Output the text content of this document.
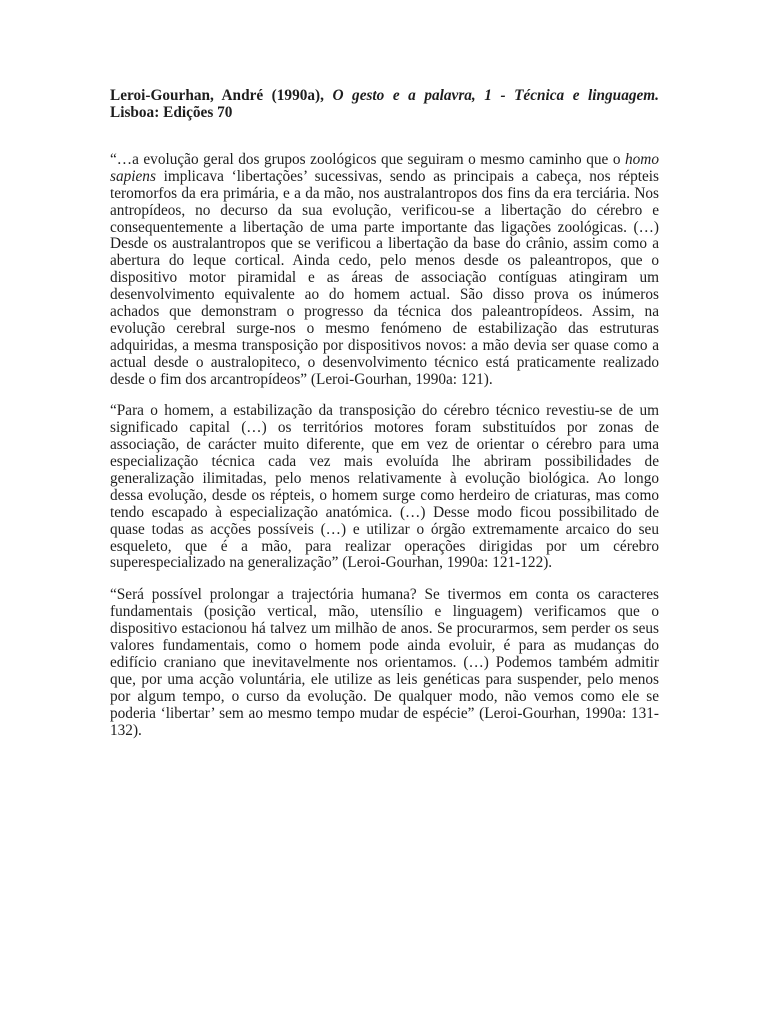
Leroi-Gourhan, André (1990a), O gesto e a palavra, 1 - Técnica e linguagem.
Lisboa: Edições 70
“…a evolução geral dos grupos zoológicos que seguiram o mesmo caminho que o homo
sapiens implicava ‘libertações’ sucessivas, sendo as principais a cabeça, nos répteis
teromorfos da era primária, e a da mão, nos australantropos dos fins da era terciária. Nos
antropídeos, no decurso da sua evolução, verificou-se a libertação do cérebro e
consequentemente a libertação de uma parte importante das ligações zoológicas. (…)
Desde os australantropos que se verificou a libertação da base do crânio, assim como a
abertura do leque cortical. Ainda cedo, pelo menos desde os paleantropos, que o
dispositivo motor piramidal e as áreas de associação contíguas atingiram um
desenvolvimento equivalente ao do homem actual. São disso prova os inúmeros
achados que demonstram o progresso da técnica dos paleantropídeos. Assim, na
evolução cerebral surge-nos o mesmo fenómeno de estabilização das estruturas
adquiridas, a mesma transposição por dispositivos novos: a mão devia ser quase como a
actual desde o australopiteco, o desenvolvimento técnico está praticamente realizado
desde o fim dos arcantropídeos” (Leroi-Gourhan, 1990a: 121).
“Para o homem, a estabilização da transposição do cérebro técnico revestiu-se de um
significado capital (…) os territórios motores foram substituídos por zonas de
associação, de carácter muito diferente, que em vez de orientar o cérebro para uma
especialização técnica cada vez mais evoluída lhe abriram possibilidades de
generalização ilimitadas, pelo menos relativamente à evolução biológica. Ao longo
dessa evolução, desde os répteis, o homem surge como herdeiro de criaturas, mas como
tendo escapado à especialização anatómica. (…) Desse modo ficou possibilitado de
quase todas as acções possíveis (…) e utilizar o órgão extremamente arcaico do seu
esqueleto, que é a mão, para realizar operações dirigidas por um cérebro
superespecializado na generalização” (Leroi-Gourhan, 1990a: 121-122).
“Será possível prolongar a trajectória humana? Se tivermos em conta os caracteres
fundamentais (posição vertical, mão, utensílio e linguagem) verificamos que o
dispositivo estacionou há talvez um milhão de anos. Se procurarmos, sem perder os seus
valores fundamentais, como o homem pode ainda evoluir, é para as mudanças do
edifício craniano que inevitavelmente nos orientamos. (…) Podemos também admitir
que, por uma acção voluntária, ele utilize as leis genéticas para suspender, pelo menos
por algum tempo, o curso da evolução. De qualquer modo, não vemos como ele se
poderia ‘libertar’ sem ao mesmo tempo mudar de espécie” (Leroi-Gourhan, 1990a: 131-
132).
